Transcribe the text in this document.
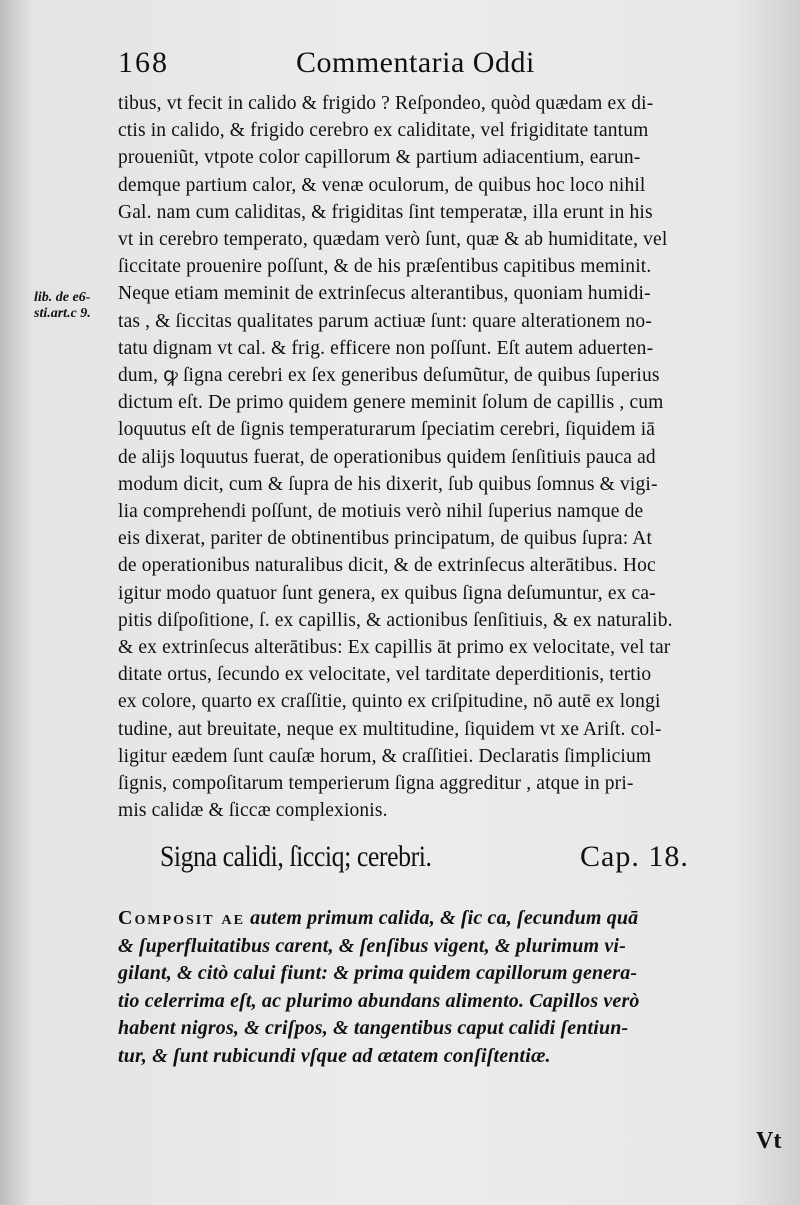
168	Commentaria Oddi
lib. de e6-
sti.art.c 9.
tibus, vt fecit in calido & frigido ? Reſpondeo, quòd quædam ex di-
ctis in calido, & frigido cerebro ex caliditate, vel frigiditate tantum
proueniũt, vtpote color capillorum & partium adiacentium, earun-
demque partium calor, & venæ oculorum, de quibus hoc loco nihil
Gal. nam cum caliditas, & frigiditas ſint temperatæ, illa erunt in his
vt in cerebro temperato, quædam verò ſunt, quæ & ab humiditate, vel
ſiccitate prouenire poſſunt, & de his præſentibus capitibus meminit.
Neque etiam meminit de extrinſecus alterantibus, quoniam humidi-
tas , & ſiccitas qualitates parum actiuæ ſunt: quare alterationem no-
tatu dignam vt cal. & frig. efficere non poſſunt. Eſt autem aduerten-
dum, ꝙ ſigna cerebri ex ſex generibus deſumũtur, de quibus ſuperius
dictum eſt. De primo quidem genere meminit ſolum de capillis , cum
loquutus eſt de ſignis temperaturarum ſpeciatim cerebri, ſiquidem iā
de alijs loquutus fuerat, de operationibus quidem ſenſitiuis pauca ad
modum dicit, cum & ſupra de his dixerit, ſub quibus ſomnus & vigi-
lia comprehendi poſſunt, de motiuis verò nihil ſuperius namque de
eis dixerat, pariter de obtinentibus principatum, de quibus ſupra: At
de operationibus naturalibus dicit, & de extrinſecus alterātibus. Hoc
igitur modo quatuor ſunt genera, ex quibus ſigna deſumuntur, ex ca-
pitis diſpoſitione, ſ. ex capillis, & actionibus ſenſitiuis, & ex naturalib.
& ex extrinſecus alterātibus: Ex capillis āt primo ex velocitate, vel tar
ditate ortus, ſecundo ex velocitate, vel tarditate deperditionis, tertio
ex colore, quarto ex craſſitie, quinto ex criſpitudine, nō autē ex longi
tudine, aut breuitate, neque ex multitudine, ſiquidem vt xe Ariſt. col-
ligitur eædem ſunt cauſæ horum, & craſſitiei. Declaratis ſimplicium
ſignis, compoſitarum temperierum ſigna aggreditur , atque in pri-
mis calidæ & ſiccæ complexionis.
Signa calidi, ſicciq; cerebri.	Cap. 18.
Composit ae autem primum calida, & ſic ca, ſecundum quā
& ſuperfluitatibus carent, & ſenſibus vigent, & plurimum vi-
gilant, & citò calui fiunt: & prima quidem capillorum genera-
tio celerrima eſt, ac plurimo abundans alimento. Capillos verò
habent nigros, & criſpos, & tangentibus caput calidi ſentiun-
tur, & ſunt rubicundi vſque ad ætatem conſiſtentiæ.
Vt
